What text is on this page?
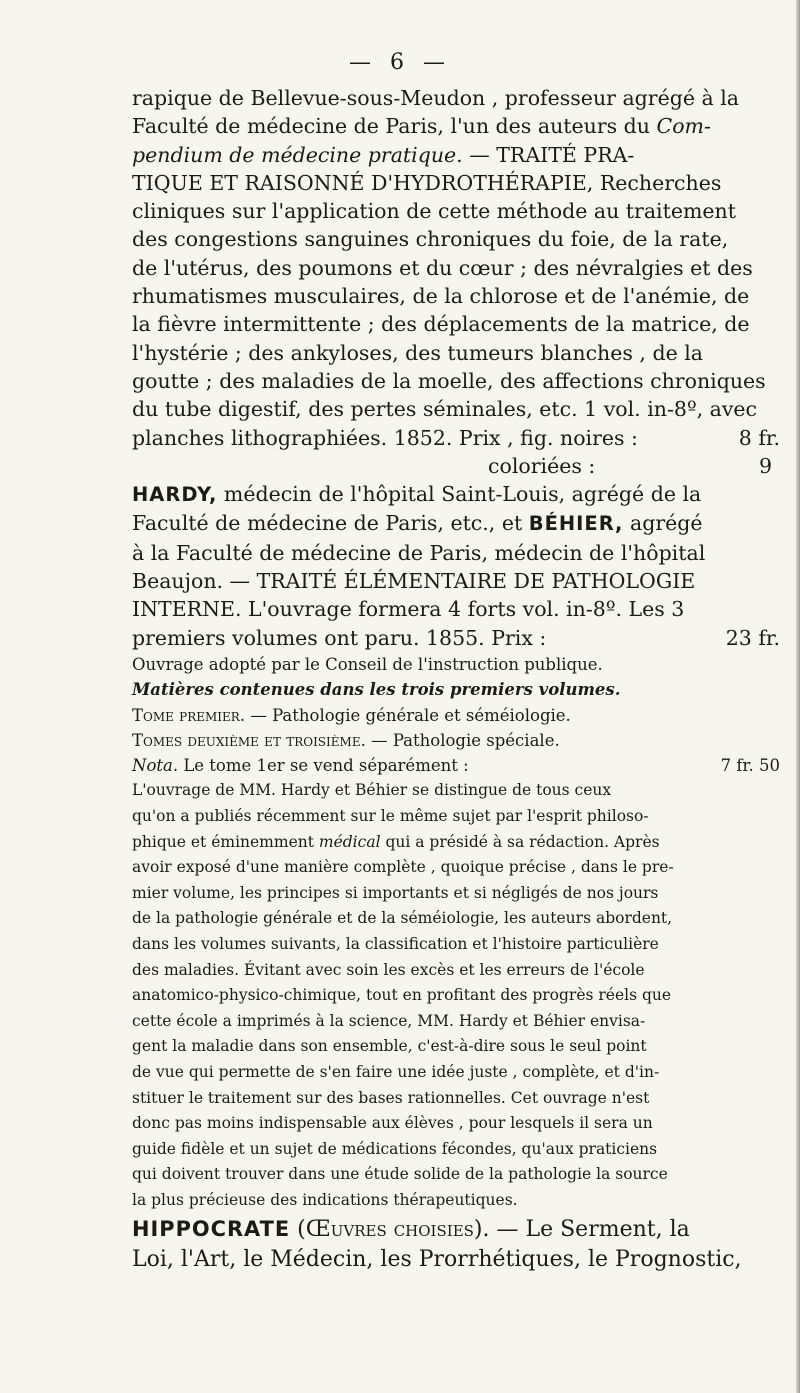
— 6 —
rapique de Bellevue-sous-Meudon , professeur agrégé à la
Faculté de médecine de Paris, l'un des auteurs du Com-
pendium de médecine pratique. — TRAITÉ PRA-
TIQUE ET RAISONNÉ D'HYDROTHÉRAPIE, Recherches
cliniques sur l'application de cette méthode au traitement
des congestions sanguines chroniques du foie, de la rate,
de l'utérus, des poumons et du cœur ; des névralgies et des
rhumatismes musculaires, de la chlorose et de l'anémie, de
la fièvre intermittente ; des déplacements de la matrice, de
l'hystérie ; des ankyloses, des tumeurs blanches , de la
goutte ; des maladies de la moelle, des affections chroniques
du tube digestif, des pertes séminales, etc. 1 vol. in-8º, avec
planches lithographiées. 1852. Prix , fig. noires :	8 fr.
coloriées :	9
HARDY, médecin de l'hôpital Saint-Louis, agrégé de la
Faculté de médecine de Paris, etc., et BÉHIER, agrégé
à la Faculté de médecine de Paris, médecin de l'hôpital
Beaujon. — TRAITÉ ÉLÉMENTAIRE DE PATHOLOGIE
INTERNE. L'ouvrage formera 4 forts vol. in-8º. Les 3
premiers volumes ont paru. 1855. Prix :	23 fr.
Ouvrage adopté par le Conseil de l'instruction publique.
Matières contenues dans les trois premiers volumes.
Tome premier. — Pathologie générale et séméiologie.
Tomes deuxième et troisième. — Pathologie spéciale.
Nota. Le tome 1er se vend séparément :	7 fr. 50
L'ouvrage de MM. Hardy et Béhier se distingue de tous ceux
qu'on a publiés récemment sur le même sujet par l'esprit philoso-
phique et éminemment médical qui a présidé à sa rédaction. Après
avoir exposé d'une manière complète , quoique précise , dans le pre-
mier volume, les principes si importants et si négligés de nos jours
de la pathologie générale et de la séméiologie, les auteurs abordent,
dans les volumes suivants, la classification et l'histoire particulière
des maladies. Évitant avec soin les excès et les erreurs de l'école
anatomico-physico-chimique, tout en profitant des progrès réels que
cette école a imprimés à la science, MM. Hardy et Béhier envisa-
gent la maladie dans son ensemble, c'est-à-dire sous le seul point
de vue qui permette de s'en faire une idée juste , complète, et d'in-
stituer le traitement sur des bases rationnelles. Cet ouvrage n'est
donc pas moins indispensable aux élèves , pour lesquels il sera un
guide fidèle et un sujet de médications fécondes, qu'aux praticiens
qui doivent trouver dans une étude solide de la pathologie la source
la plus précieuse des indications thérapeutiques.
HIPPOCRATE (Œuvres choisies). — Le Serment, la
Loi, l'Art, le Médecin, les Prorrhétiques, le Prognostic,
